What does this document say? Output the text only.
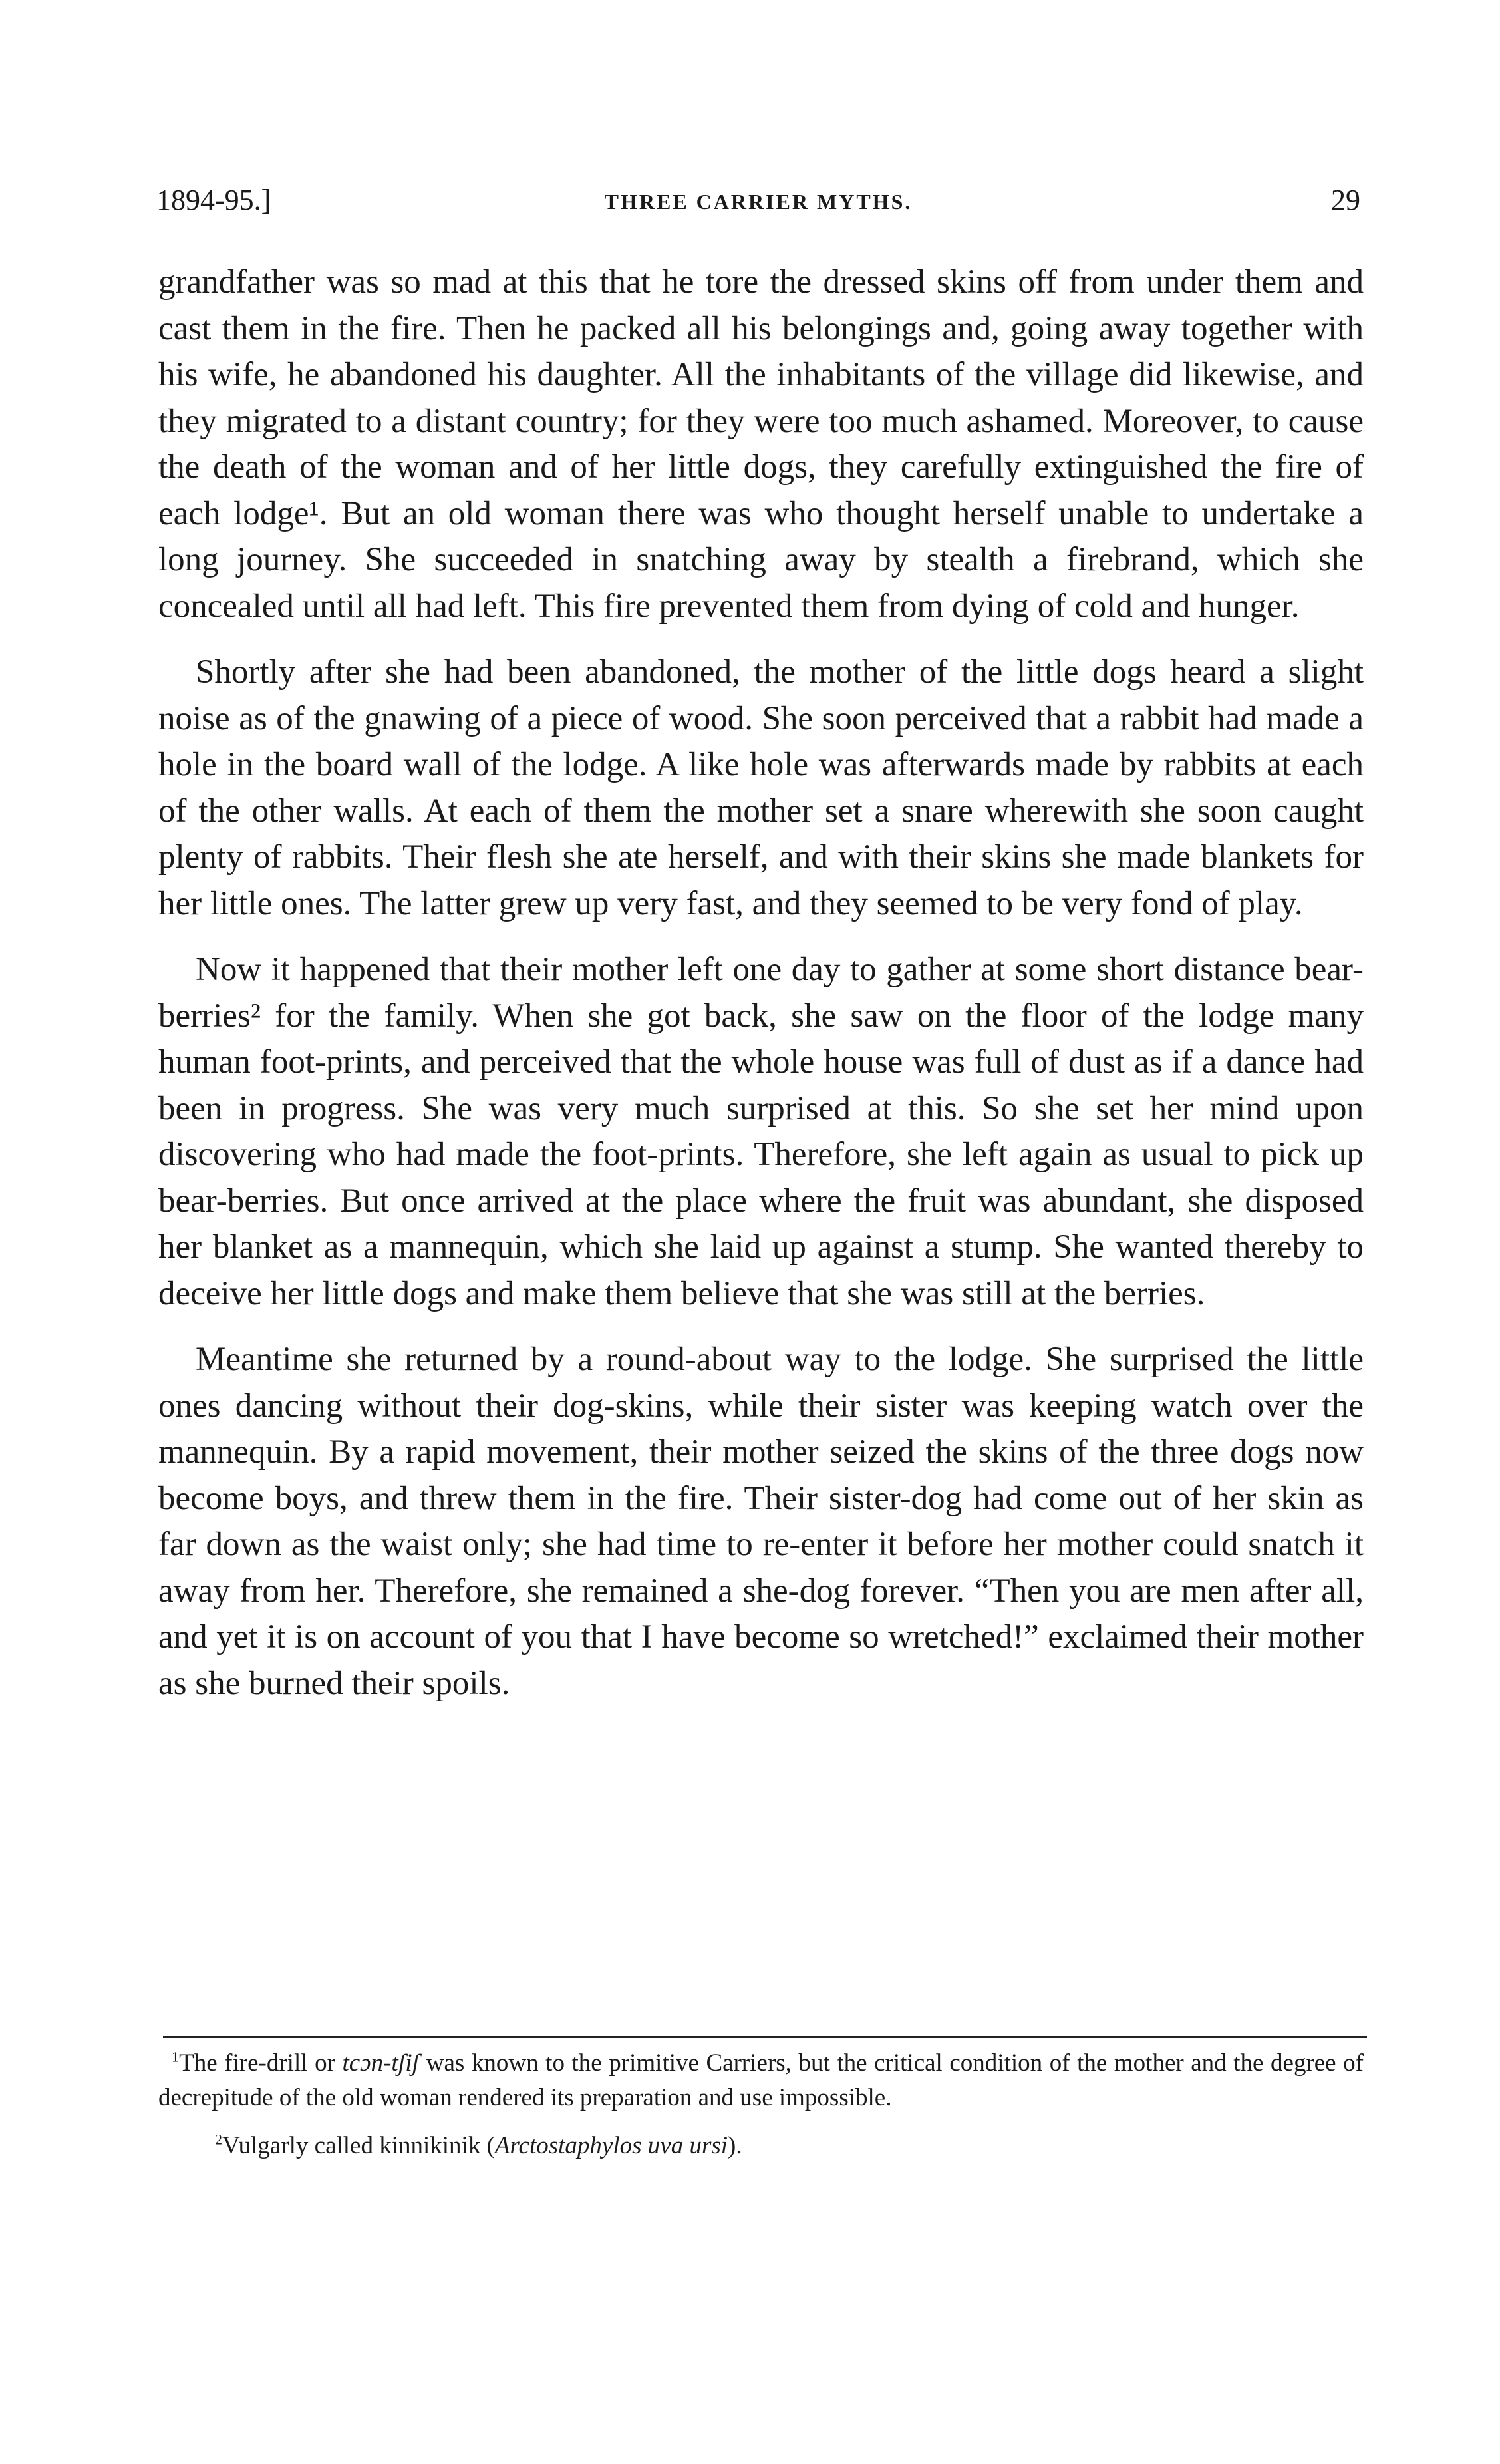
1894-95.]	THREE CARRIER MYTHS.	29

grandfather was so mad at this that he tore the dressed skins off from under them and cast them in the fire. Then he packed all his belongings and, going away together with his wife, he abandoned his daughter. All the inhabitants of the village did likewise, and they migrated to a distant country; for they were too much ashamed. Moreover, to cause the death of the woman and of her little dogs, they carefully extinguished the fire of each lodge¹. But an old woman there was who thought herself unable to undertake a long journey. She succeeded in snatching away by stealth a firebrand, which she concealed until all had left. This fire prevented them from dying of cold and hunger.

Shortly after she had been abandoned, the mother of the little dogs heard a slight noise as of the gnawing of a piece of wood. She soon perceived that a rabbit had made a hole in the board wall of the lodge. A like hole was afterwards made by rabbits at each of the other walls. At each of them the mother set a snare wherewith she soon caught plenty of rabbits. Their flesh she ate herself, and with their skins she made blankets for her little ones. The latter grew up very fast, and they seemed to be very fond of play.

Now it happened that their mother left one day to gather at some short distance bear-berries² for the family. When she got back, she saw on the floor of the lodge many human foot-prints, and perceived that the whole house was full of dust as if a dance had been in progress. She was very much surprised at this. So she set her mind upon discovering who had made the foot-prints. Therefore, she left again as usual to pick up bear-berries. But once arrived at the place where the fruit was abundant, she disposed her blanket as a mannequin, which she laid up against a stump. She wanted thereby to deceive her little dogs and make them believe that she was still at the berries.

Meantime she returned by a round-about way to the lodge. She surprised the little ones dancing without their dog-skins, while their sister was keeping watch over the mannequin. By a rapid movement, their mother seized the skins of the three dogs now become boys, and threw them in the fire. Their sister-dog had come out of her skin as far down as the waist only; she had time to re-enter it before her mother could snatch it away from her. Therefore, she remained a she-dog forever. “Then you are men after all, and yet it is on account of you that I have become so wretched!” exclaimed their mother as she burned their spoils.

$^1$The fire-drill or tcɔn-tʃiʃ was known to the primitive Carriers, but the critical condition of the mother and the degree of decrepitude of the old woman rendered its preparation and use impossible.

$^2$Vulgarly called kinnikinik (Arctostaphylos uva ursi).
